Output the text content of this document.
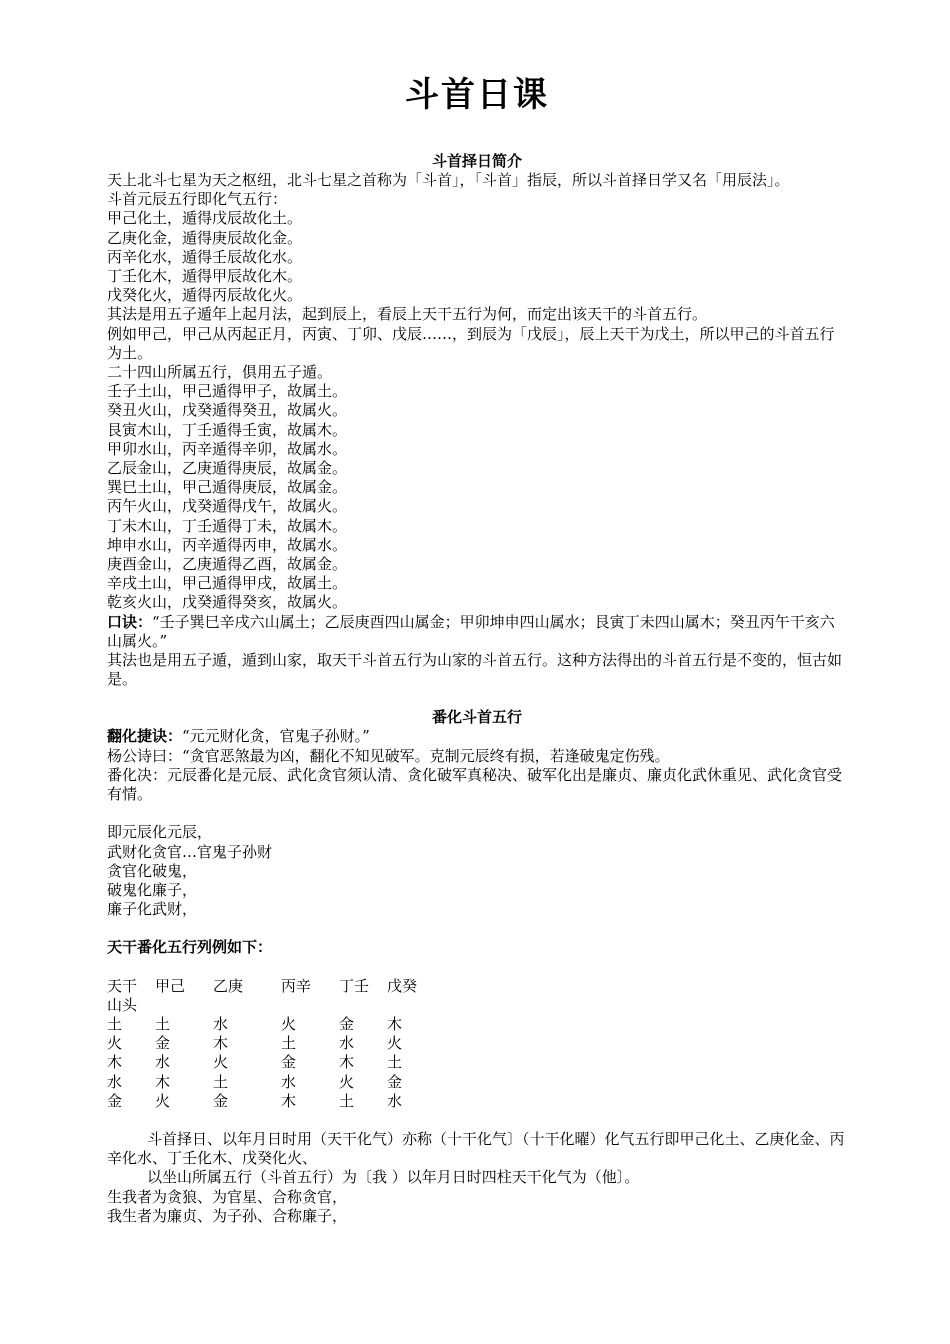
斗首日课
斗首择日简介

天上北斗七星为天之枢纽，北斗七星之首称为「斗首」，「斗首」指辰，所以斗首择日学又名「用辰法」。

斗首元辰五行即化气五行：

甲己化土，遁得戊辰故化土。

乙庚化金，遁得庚辰故化金。

丙辛化水，遁得壬辰故化水。

丁壬化木，遁得甲辰故化木。

戊癸化火，遁得丙辰故化火。

其法是用五子遁年上起月法，起到辰上，看辰上天干五行为何，而定出该天干的斗首五行。

例如甲己，甲己从丙起正月，丙寅、丁卯、戊辰……，到辰为「戊辰」，辰上天干为戊土，所以甲己的斗首五行为土。

二十四山所属五行，俱用五子遁。

壬子土山，甲己遁得甲子，故属土。

癸丑火山，戊癸遁得癸丑，故属火。

艮寅木山，丁壬遁得壬寅，故属木。

甲卯水山，丙辛遁得辛卯，故属水。

乙辰金山，乙庚遁得庚辰，故属金。

巽巳土山，甲己遁得庚辰，故属金。

丙午火山，戊癸遁得戊午，故属火。

丁未木山，丁壬遁得丁未，故属木。

坤申水山，丙辛遁得丙申，故属水。

庚酉金山，乙庚遁得乙酉，故属金。

辛戌土山，甲己遁得甲戌，故属土。

乾亥火山，戊癸遁得癸亥，故属火。

口诀：“壬子巽巳辛戌六山属土；乙辰庚酉四山属金；甲卯坤申四山属水；艮寅丁未四山属木；癸丑丙午干亥六山属火。”

其法也是用五子遁，遁到山家，取天干斗首五行为山家的斗首五行。这种方法得出的斗首五行是不变的，恒古如是。

番化斗首五行

翻化捷诀：“元元财化贪，官鬼子孙财。”

杨公诗曰：“贪官恶煞最为凶，翻化不知见破军。克制元辰终有损，若逢破鬼定伤残。

番化决：元辰番化是元辰、武化贪官须认清、贪化破军真秘决、破军化出是廉贞、廉贞化武休重见、武化贪官受有情。

即元辰化元辰，

武财化贪官…官鬼子孙财

贪官化破鬼，

破鬼化廉子，

廉子化武财，

天干番化五行列例如下：

天干	甲己	乙庚	丙辛	丁壬	戊癸
山头					
土	土	水	火	金	木
火	金	木	土	水	火
木	水	火	金	木	土
水	木	土	水	火	金
金	火	金	木	土	水

斗首择日、以年月日时用（天干化气）亦称（十干化气〕（十干化曜）化气五行即甲己化土、乙庚化金、丙辛化水、丁壬化木、戊癸化火、

以坐山所属五行（斗首五行）为〔我 ）以年月日时四柱天干化气为（他〕。

生我者为贪狼、为官星、合称贪官，

我生者为廉贞、为子孙、合称廉子，
